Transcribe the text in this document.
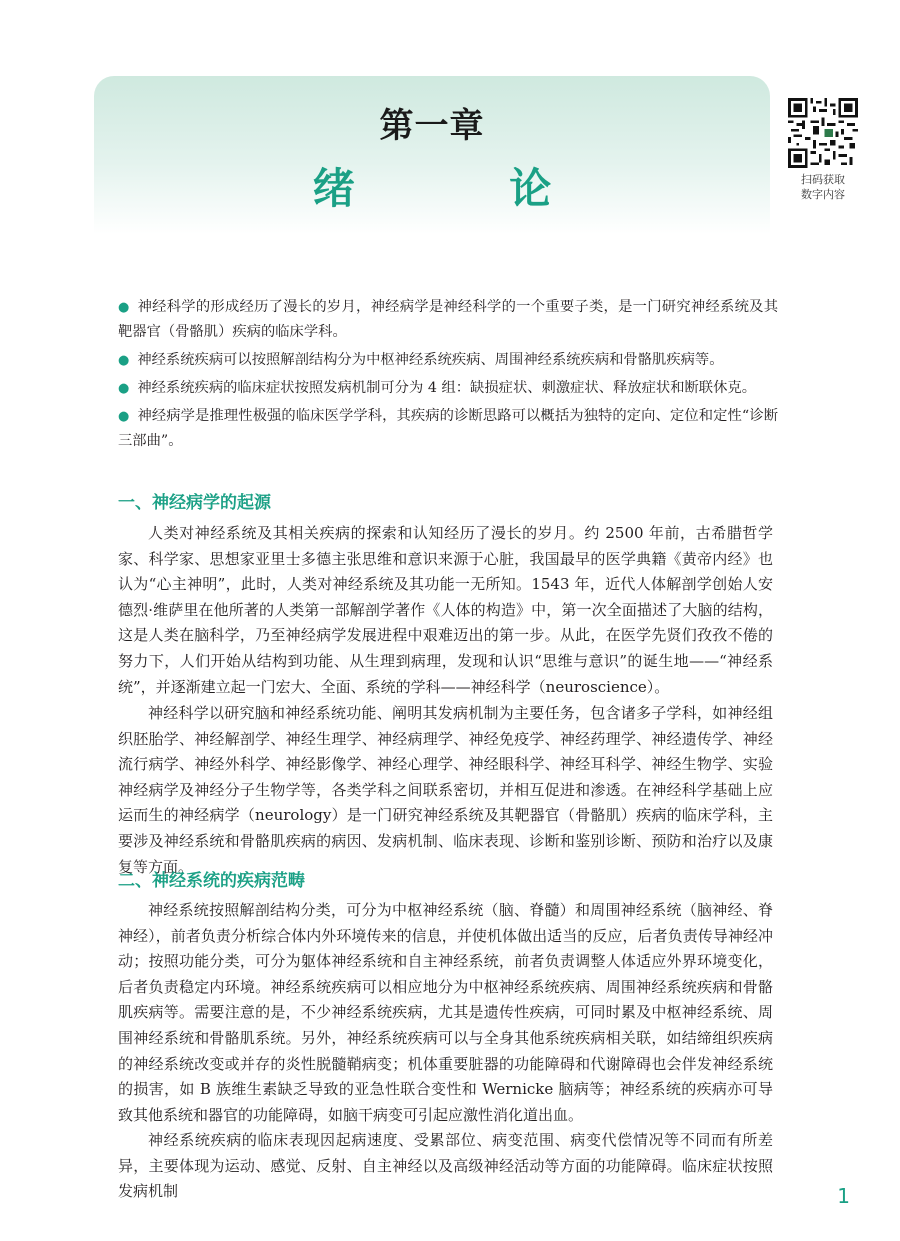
第一章
绪 论	扫码获取
数字内容

● 神经科学的形成经历了漫长的岁月，神经病学是神经科学的一个重要子类，是一门研究神经系统及其靶器官（骨骼肌）疾病的临床学科。

● 神经系统疾病可以按照解剖结构分为中枢神经系统疾病、周围神经系统疾病和骨骼肌疾病等。

● 神经系统疾病的临床症状按照发病机制可分为 4 组：缺损症状、刺激症状、释放症状和断联休克。

● 神经病学是推理性极强的临床医学学科，其疾病的诊断思路可以概括为独特的定向、定位和定性“诊断三部曲”。

一、神经病学的起源

人类对神经系统及其相关疾病的探索和认知经历了漫长的岁月。约 2500 年前，古希腊哲学家、科学家、思想家亚里士多德主张思维和意识来源于心脏，我国最早的医学典籍《黄帝内经》也认为“心主神明”，此时，人类对神经系统及其功能一无所知。1543 年，近代人体解剖学创始人安德烈·维萨里在他所著的人类第一部解剖学著作《人体的构造》中，第一次全面描述了大脑的结构，这是人类在脑科学，乃至神经病学发展进程中艰难迈出的第一步。从此，在医学先贤们孜孜不倦的努力下，人们开始从结构到功能、从生理到病理，发现和认识“思维与意识”的诞生地——“神经系统”，并逐渐建立起一门宏大、全面、系统的学科——神经科学（neuroscience）。

神经科学以研究脑和神经系统功能、阐明其发病机制为主要任务，包含诸多子学科，如神经组织胚胎学、神经解剖学、神经生理学、神经病理学、神经免疫学、神经药理学、神经遗传学、神经流行病学、神经外科学、神经影像学、神经心理学、神经眼科学、神经耳科学、神经生物学、实验神经病学及神经分子生物学等，各类学科之间联系密切，并相互促进和渗透。在神经科学基础上应运而生的神经病学（neurology）是一门研究神经系统及其靶器官（骨骼肌）疾病的临床学科，主要涉及神经系统和骨骼肌疾病的病因、发病机制、临床表现、诊断和鉴别诊断、预防和治疗以及康复等方面。

二、神经系统的疾病范畴

神经系统按照解剖结构分类，可分为中枢神经系统（脑、脊髓）和周围神经系统（脑神经、脊神经），前者负责分析综合体内外环境传来的信息，并使机体做出适当的反应，后者负责传导神经冲动；按照功能分类，可分为躯体神经系统和自主神经系统，前者负责调整人体适应外界环境变化，后者负责稳定内环境。神经系统疾病可以相应地分为中枢神经系统疾病、周围神经系统疾病和骨骼肌疾病等。需要注意的是，不少神经系统疾病，尤其是遗传性疾病，可同时累及中枢神经系统、周围神经系统和骨骼肌系统。另外，神经系统疾病可以与全身其他系统疾病相关联，如结缔组织疾病的神经系统改变或并存的炎性脱髓鞘病变；机体重要脏器的功能障碍和代谢障碍也会伴发神经系统的损害，如 B 族维生素缺乏导致的亚急性联合变性和 Wernicke 脑病等；神经系统的疾病亦可导致其他系统和器官的功能障碍，如脑干病变可引起应激性消化道出血。

神经系统疾病的临床表现因起病速度、受累部位、病变范围、病变代偿情况等不同而有所差异，主要体现为运动、感觉、反射、自主神经以及高级神经活动等方面的功能障碍。临床症状按照发病机制	1
